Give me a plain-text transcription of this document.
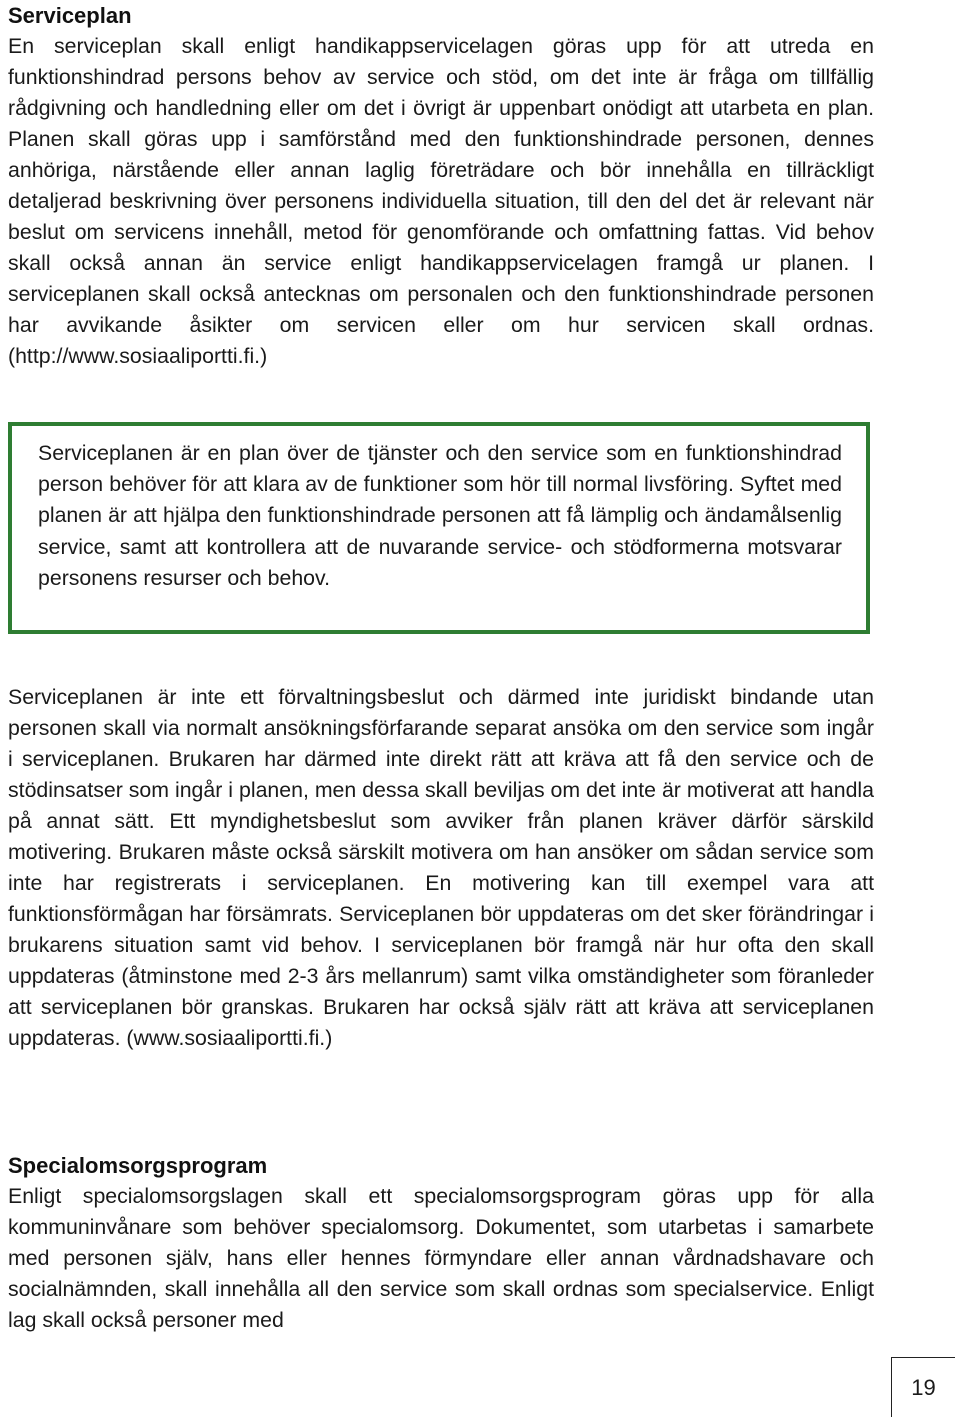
Serviceplan

En serviceplan skall enligt handikappservicelagen göras upp för att utreda en funktionshindrad persons behov av service och stöd, om det inte är fråga om tillfällig rådgivning och handledning eller om det i övrigt är uppenbart onödigt att utarbeta en plan. Planen skall göras upp i samförstånd med den funktionshindrade personen, dennes anhöriga, närstående eller annan laglig företrädare och bör innehålla en tillräckligt detaljerad beskrivning över personens individuella situation, till den del det är relevant när beslut om servicens innehåll, metod för genomförande och omfattning fattas. Vid behov skall också annan än service enligt handikappservicelagen framgå ur planen. I serviceplanen skall också antecknas om personalen och den funktionshindrade personen har avvikande åsikter om servicen eller om hur servicen skall ordnas. (http://www.sosiaaliportti.fi.)

Serviceplanen är en plan över de tjänster och den service som en funktionshindrad person behöver för att klara av de funktioner som hör till normal livsföring. Syftet med planen är att hjälpa den funktionshindrade personen att få lämplig och ändamålsenlig service, samt att kontrollera att de nuvarande service- och stödformerna motsvarar personens resurser och behov.

Serviceplanen är inte ett förvaltningsbeslut och därmed inte juridiskt bindande utan personen skall via normalt ansökningsförfarande separat ansöka om den service som ingår i serviceplanen. Brukaren har därmed inte direkt rätt att kräva att få den service och de stödinsatser som ingår i planen, men dessa skall beviljas om det inte är motiverat att handla på annat sätt. Ett myndighetsbeslut som avviker från planen kräver därför särskild motivering. Brukaren måste också särskilt motivera om han ansöker om sådan service som inte har registrerats i serviceplanen. En motivering kan till exempel vara att funktionsförmågan har försämrats. Serviceplanen bör uppdateras om det sker förändringar i brukarens situation samt vid behov. I serviceplanen bör framgå när hur ofta den skall uppdateras (åtminstone med 2-3 års mellanrum) samt vilka omständigheter som föranleder att serviceplanen bör granskas. Brukaren har också själv rätt att kräva att serviceplanen uppdateras. (www.sosiaaliportti.fi.)

Specialomsorgsprogram

Enligt specialomsorgslagen skall ett specialomsorgsprogram göras upp för alla kommuninvånare som behöver specialomsorg. Dokumentet, som utarbetas i samarbete med personen själv, hans eller hennes förmyndare eller annan vårdnadshavare och socialnämnden, skall innehålla all den service som skall ordnas som specialservice. Enligt lag skall också personer med

19
